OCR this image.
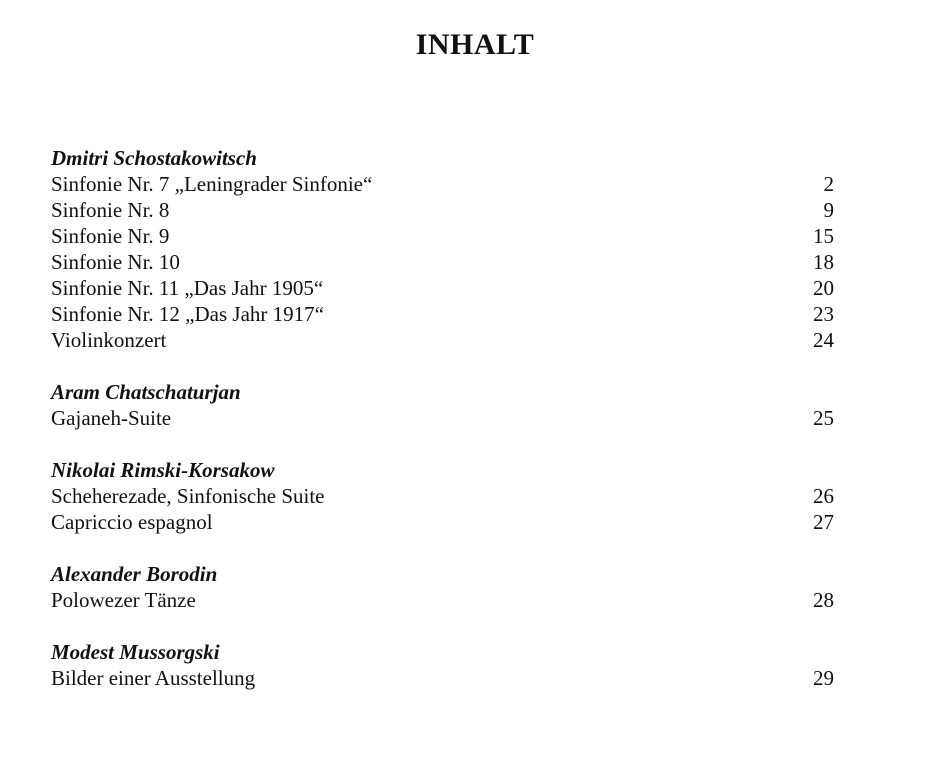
INHALT
Dmitri Schostakowitsch
Sinfonie Nr. 7 „Leningrader Sinfonie“	2
Sinfonie Nr. 8	9
Sinfonie Nr. 9	15
Sinfonie Nr. 10	18
Sinfonie Nr. 11 „Das Jahr 1905“	20
Sinfonie Nr. 12 „Das Jahr 1917“	23
Violinkonzert	24
Aram Chatschaturjan
Gajaneh-Suite	25
Nikolai Rimski-Korsakow
Scheherezade, Sinfonische Suite	26
Capriccio espagnol	27
Alexander Borodin
Polowezer Tänze	28
Modest Mussorgski
Bilder einer Ausstellung	29
